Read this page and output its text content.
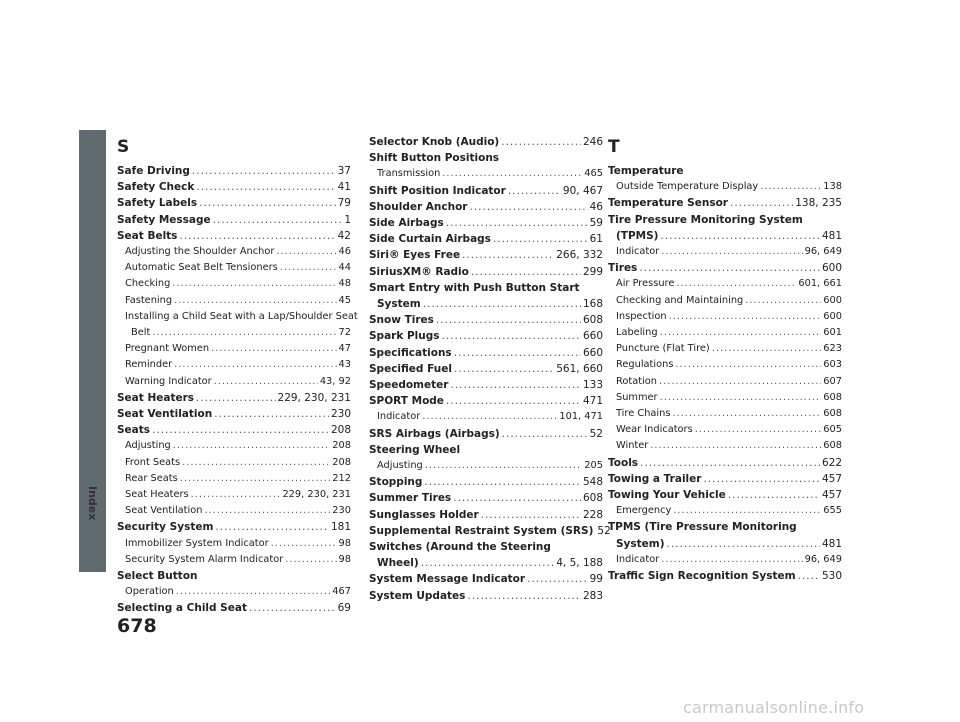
Index
S
Safe Driving .....	37
Safety Check .....	41
Safety Labels .....	79
Safety Message .....	1
Seat Belts .....	42
Adjusting the Shoulder Anchor .....	46
Automatic Seat Belt Tensioners .....	44
Checking .....	48
Fastening .....	45
Installing a Child Seat with a Lap/Shoulder Seat
Belt .....	72
Pregnant Women .....	47
Reminder .....	43
Warning Indicator .....	43, 92
Seat Heaters .....	229, 230, 231
Seat Ventilation .....	230
Seats .....	208
Adjusting .....	208
Front Seats .....	208
Rear Seats .....	212
Seat Heaters .....	229, 230, 231
Seat Ventilation .....	230
Security System .....	181
Immobilizer System Indicator .....	98
Security System Alarm Indicator .....	98
Select Button
Operation .....	467
Selecting a Child Seat .....	69
Selector Knob (Audio) .....	246
Shift Button Positions
Transmission .....	465
Shift Position Indicator .....	90, 467
Shoulder Anchor .....	46
Side Airbags .....	59
Side Curtain Airbags .....	61
Siri® Eyes Free .....	266, 332
SiriusXM® Radio .....	299
Smart Entry with Push Button Start
System .....	168
Snow Tires .....	608
Spark Plugs .....	660
Specifications .....	660
Specified Fuel .....	561, 660
Speedometer .....	133
SPORT Mode .....	471
Indicator .....	101, 471
SRS Airbags (Airbags) .....	52
Steering Wheel
Adjusting .....	205
Stopping .....	548
Summer Tires .....	608
Sunglasses Holder .....	228
Supplemental Restraint System (SRS) 52
Switches (Around the Steering
Wheel) .....	4, 5, 188
System Message Indicator .....	99
System Updates .....	283
T
Temperature
Outside Temperature Display .....	138
Temperature Sensor .....	138, 235
Tire Pressure Monitoring System
(TPMS) .....	481
Indicator .....	96, 649
Tires .....	600
Air Pressure .....	601, 661
Checking and Maintaining .....	600
Inspection .....	600
Labeling .....	601
Puncture (Flat Tire) .....	623
Regulations .....	603
Rotation .....	607
Summer .....	608
Tire Chains .....	608
Wear Indicators .....	605
Winter .....	608
Tools .....	622
Towing a Trailer .....	457
Towing Your Vehicle .....	457
Emergency .....	655
TPMS (Tire Pressure Monitoring
System) .....	481
Indicator .....	96, 649
Traffic Sign Recognition System .....	530
678
carmanualsonline.info
